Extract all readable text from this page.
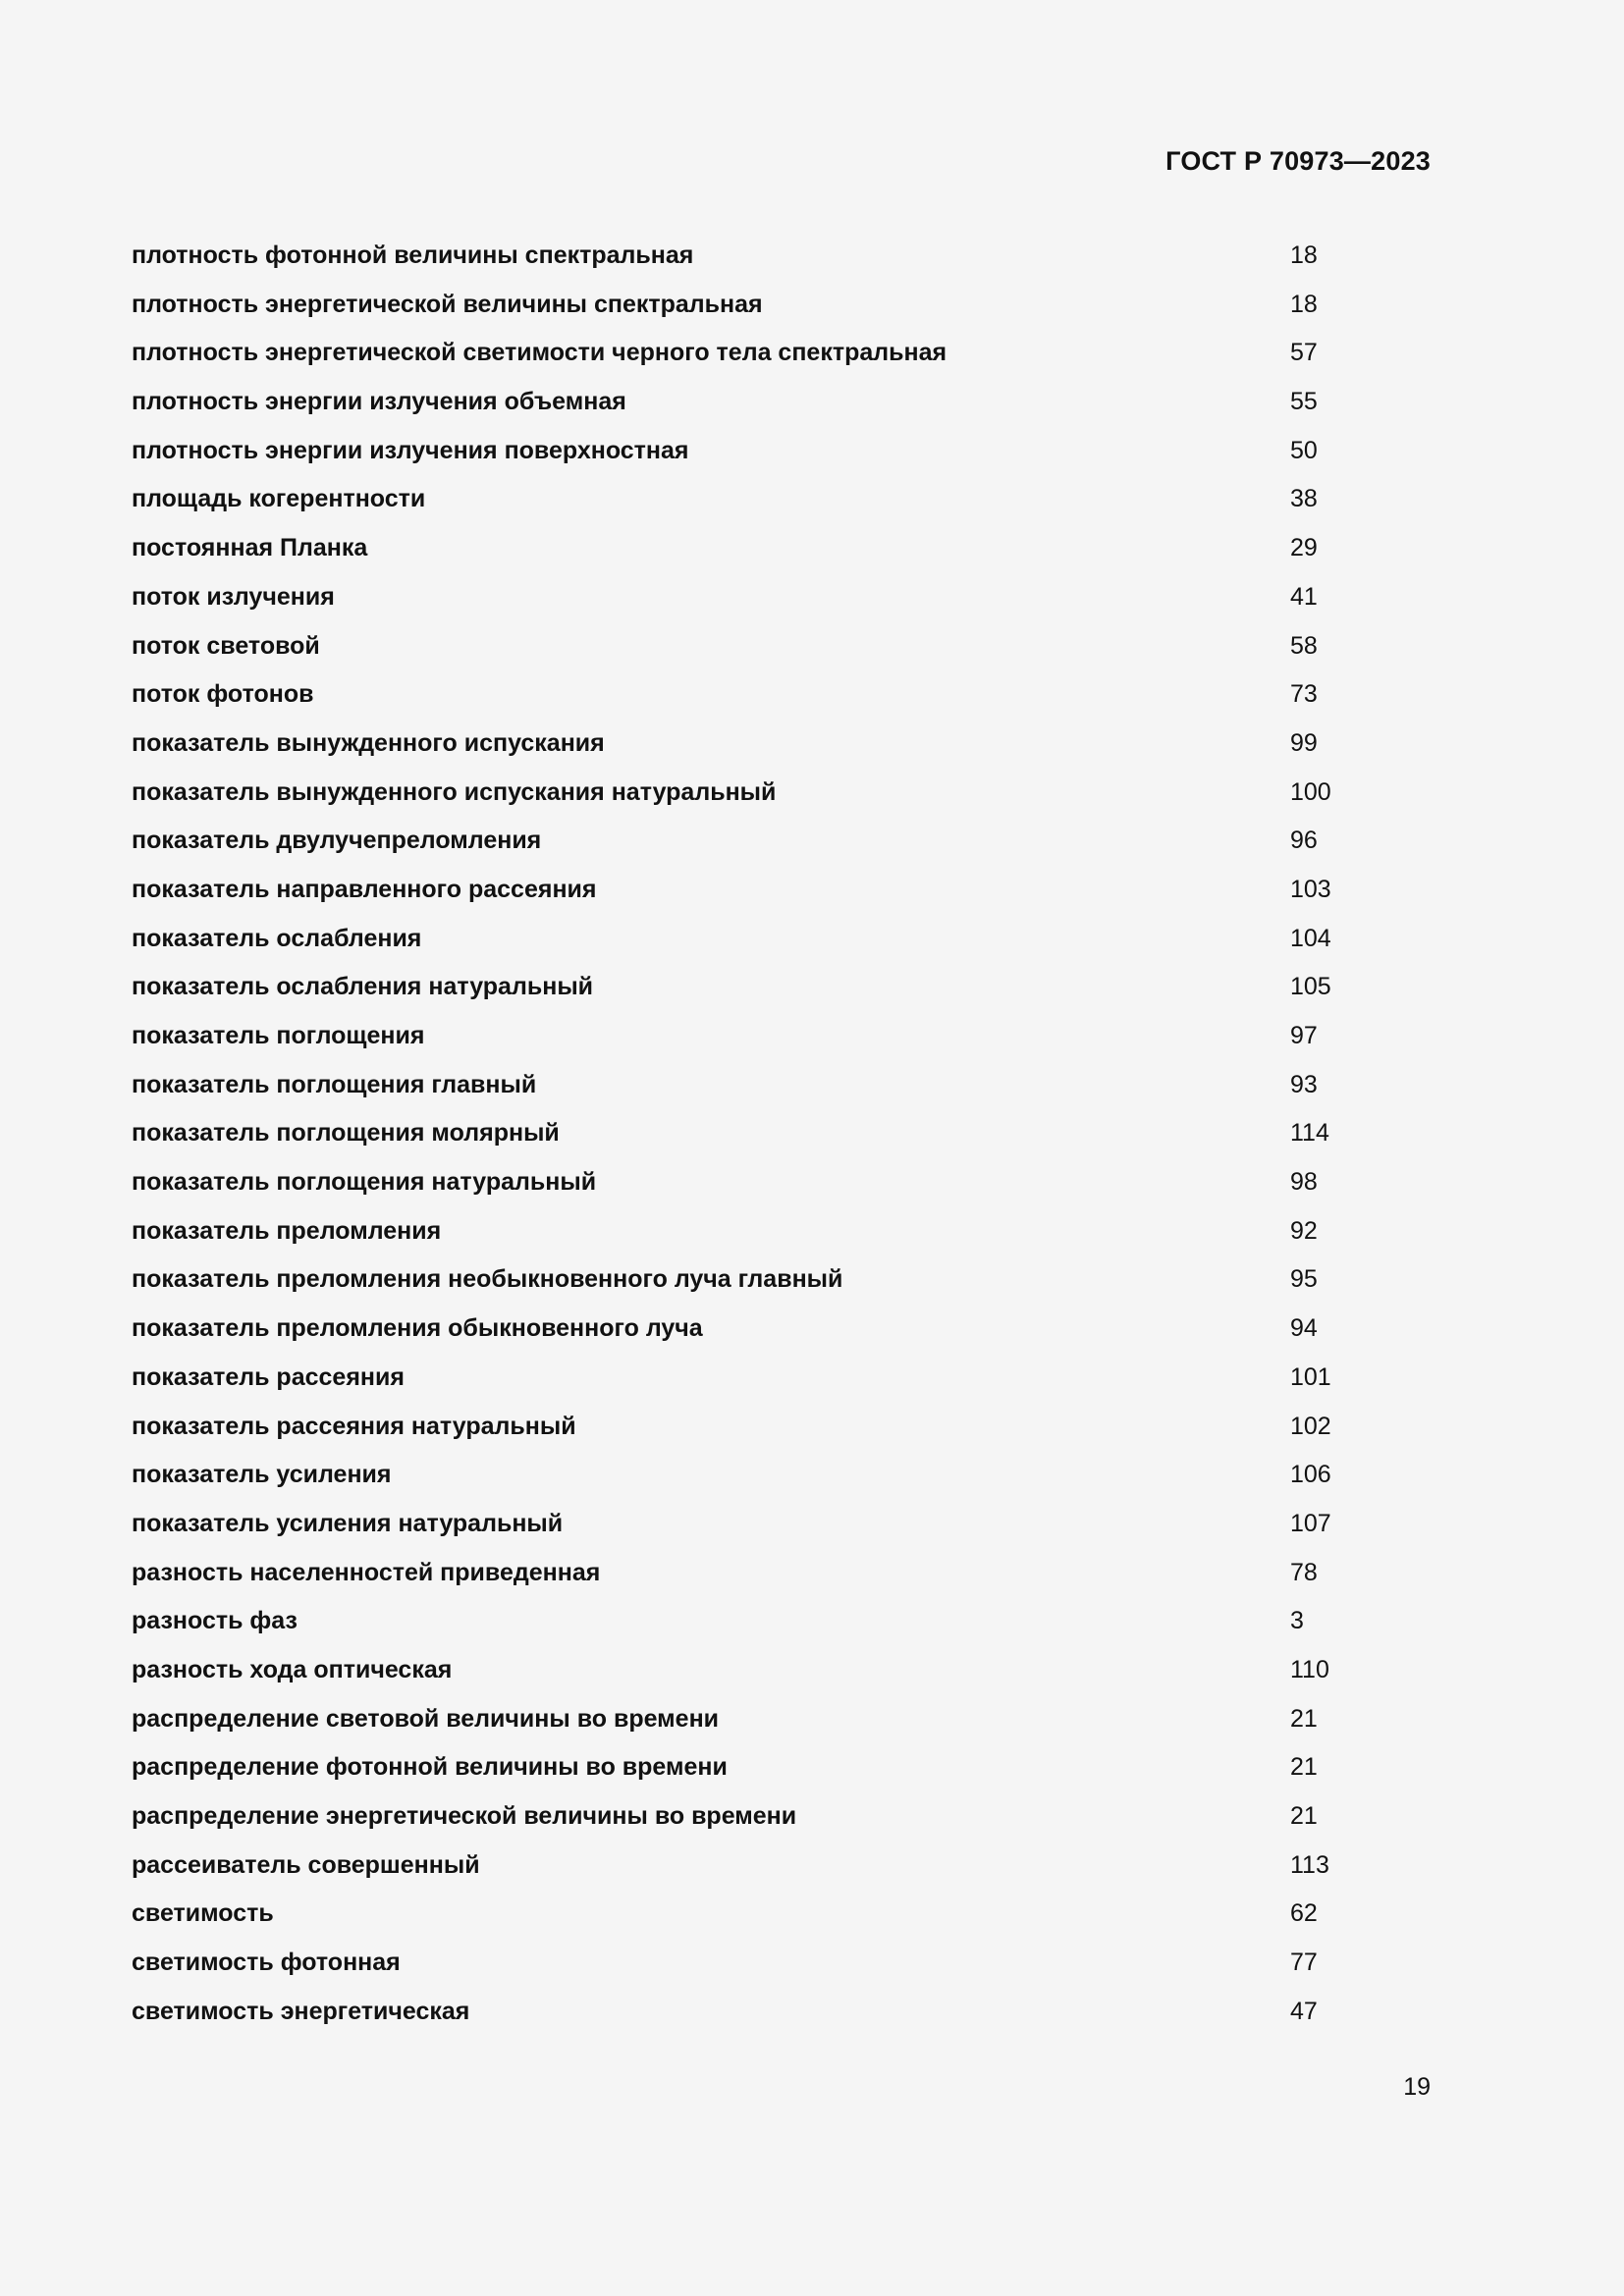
ГОСТ Р 70973—2023
плотность фотонной величины спектральная	18
плотность энергетической величины спектральная	18
плотность энергетической светимости черного тела спектральная	57
плотность энергии излучения объемная	55
плотность энергии излучения поверхностная	50
площадь когерентности	38
постоянная Планка	29
поток излучения	41
поток световой	58
поток фотонов	73
показатель вынужденного испускания	99
показатель вынужденного испускания натуральный	100
показатель двулучепреломления	96
показатель направленного рассеяния	103
показатель ослабления	104
показатель ослабления натуральный	105
показатель поглощения	97
показатель поглощения главный	93
показатель поглощения молярный	114
показатель поглощения натуральный	98
показатель преломления	92
показатель преломления необыкновенного луча главный	95
показатель преломления обыкновенного луча	94
показатель рассеяния	101
показатель рассеяния натуральный	102
показатель усиления	106
показатель усиления натуральный	107
разность населенностей приведенная	78
разность фаз	3
разность хода оптическая	110
распределение световой величины во времени	21
распределение фотонной величины во времени	21
распределение энергетической величины во времени	21
рассеиватель совершенный	113
светимость	62
светимость фотонная	77
светимость энергетическая	47

19
